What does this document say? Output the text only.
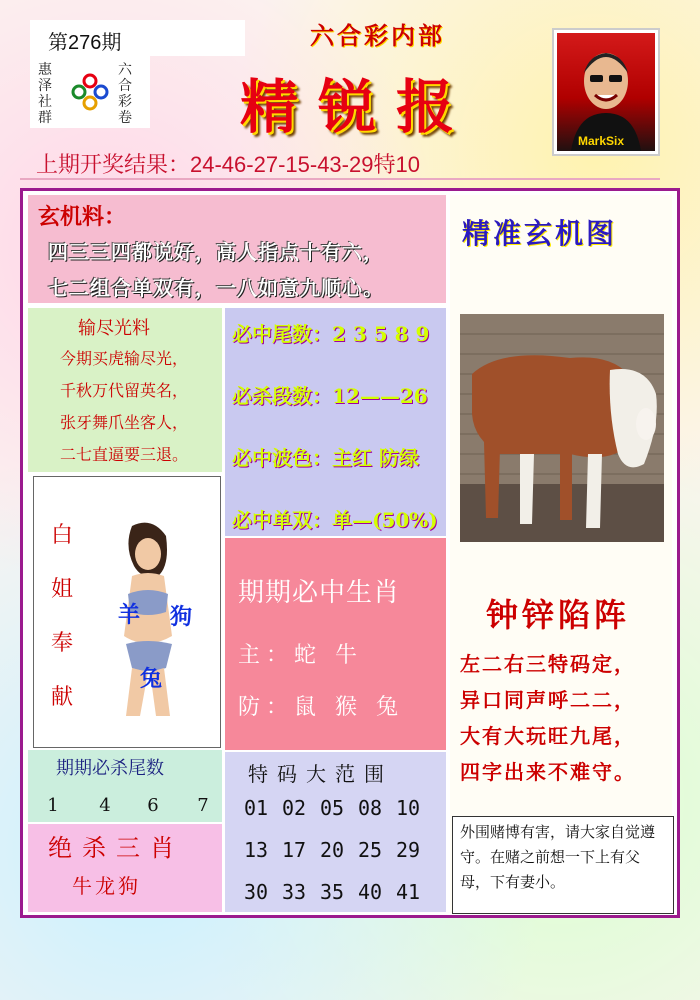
第276期
惠泽社群
六合彩卷
六合彩内部
精锐报	MarkSix
上期开奖结果：24-46-27-15-43-29特10
玄机料：
四三三四都说好，高人指点十有六，
七二组合单双有，一八如意九顺心。
输尽光料
今期买虎输尽光，
千秋万代留英名，
张牙舞爪坐客人，
二七直逼要三退。
必中尾数：2 3 5 8 9
必杀段数：12——26
必中波色：主红 防绿
必中单双：单—(50%)
白
姐
奉
献
羊 狗
兔
期期必中生肖
主：蛇 牛
防：鼠 猴 兔
期期必杀尾数
1	4	6	7
绝杀三肖
牛龙狗
特码大范围
01 02 05 08 10
13 17 20 25 29
30 33 35 40 41
精准玄机图
钟锌陷阵
左二右三特码定，
异口同声呼二二，
大有大玩旺九尾，
四字出来不难守。
外围赌博有害，请大家自觉遵守。在赌之前想一下上有父母，下有妻小。
